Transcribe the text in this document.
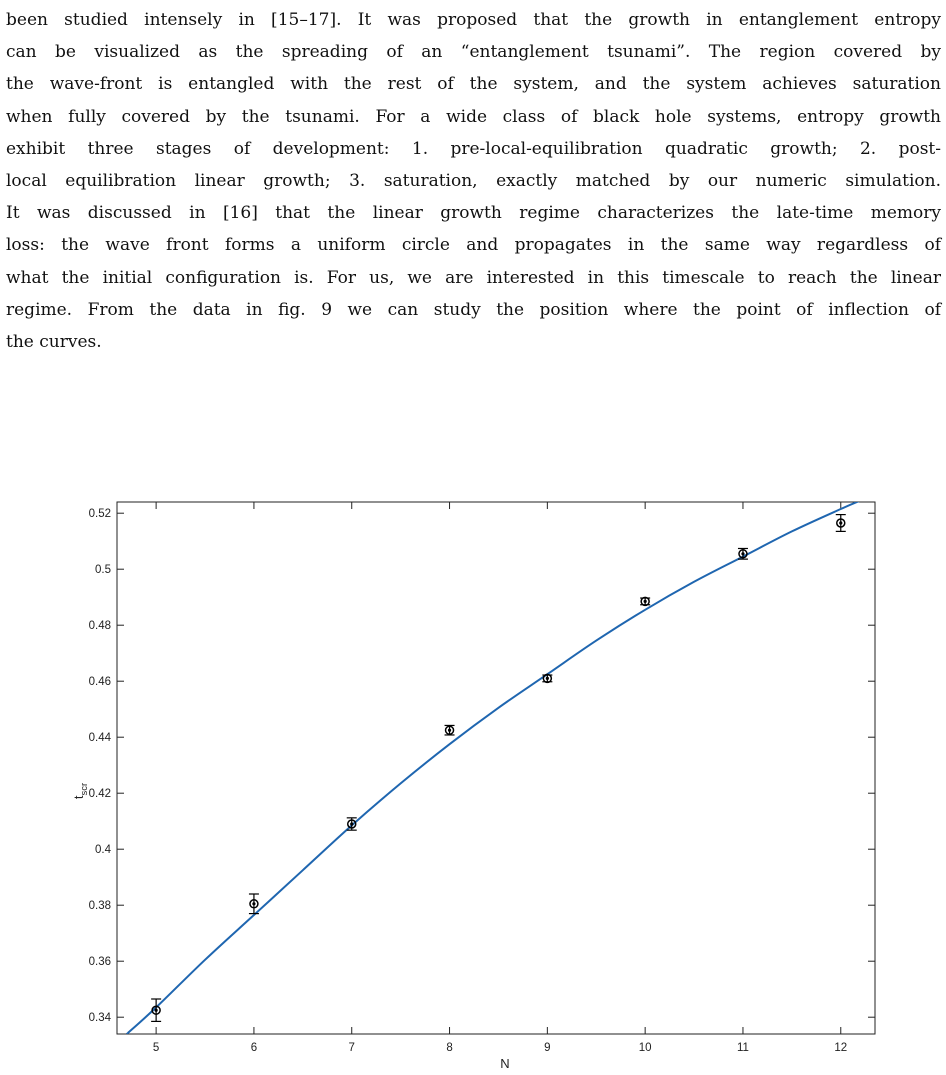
been studied intensely in [15–17]. It was proposed that the growth in entanglement entropy
can be visualized as the spreading of an “entanglement tsunami”. The region covered by
the wave-front is entangled with the rest of the system, and the system achieves saturation
when fully covered by the tsunami. For a wide class of black hole systems, entropy growth
exhibit three stages of development: 1. pre-local-equilibration quadratic growth; 2. post-
local equilibration linear growth; 3. saturation, exactly matched by our numeric simulation.
It was discussed in [16] that the linear growth regime characterizes the late-time memory
loss: the wave front forms a uniform circle and propagates in the same way regardless of
what the initial configuration is. For us, we are interested in this timescale to reach the linear
regime. From the data in fig. 9 we can study the position where the point of inflection of
the curves.
5	6	7	8	9	10	11	12
0.34
0.36
0.38
0.4
0.42
0.44
0.46
0.48
0.5
0.52
N
$t_{scr}$
